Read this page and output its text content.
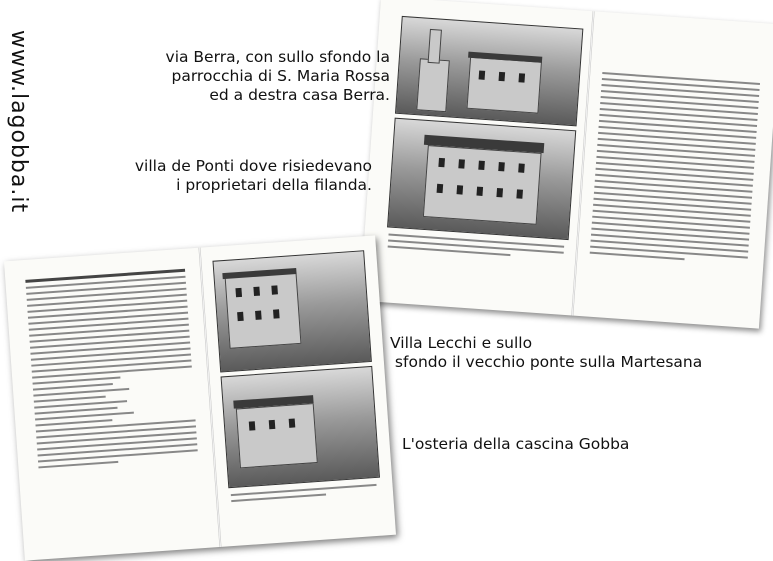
www.lagobba.it	via Berra, con sullo sfondo la
parrocchia di S. Maria Rossa
ed a destra casa Berra.
villa de Ponti dove risiedevano
i proprietari della filanda.
Villa Lecchi e sullo
sfondo il vecchio ponte sulla Martesana
L'osteria della cascina Gobba
